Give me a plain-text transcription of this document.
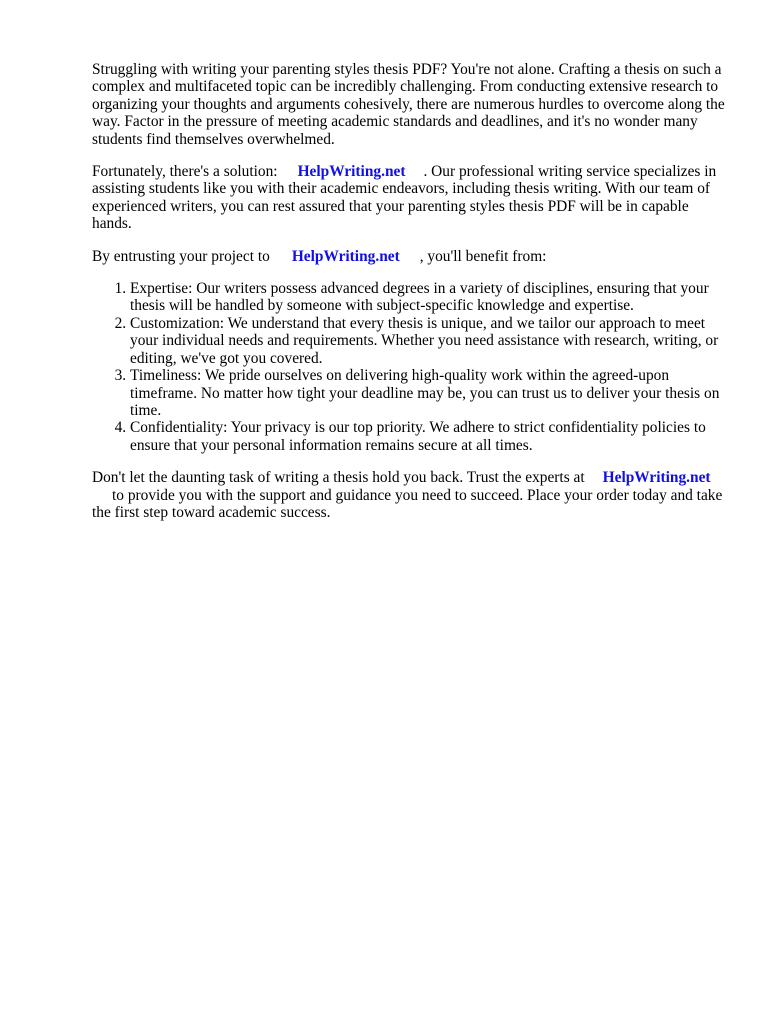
Struggling with writing your parenting styles thesis PDF? You're not alone. Crafting a thesis on such a complex and multifaceted topic can be incredibly challenging. From conducting extensive research to organizing your thoughts and arguments cohesively, there are numerous hurdles to overcome along the way. Factor in the pressure of meeting academic standards and deadlines, and it's no wonder many students find themselves overwhelmed.

Fortunately, there's a solution: HelpWriting.net . Our professional writing service specializes in assisting students like you with their academic endeavors, including thesis writing. With our team of experienced writers, you can rest assured that your parenting styles thesis PDF will be in capable hands.

By entrusting your project to HelpWriting.net , you'll benefit from:

1. Expertise: Our writers possess advanced degrees in a variety of disciplines, ensuring that your thesis will be handled by someone with subject-specific knowledge and expertise.
2. Customization: We understand that every thesis is unique, and we tailor our approach to meet your individual needs and requirements. Whether you need assistance with research, writing, or editing, we've got you covered.
3. Timeliness: We pride ourselves on delivering high-quality work within the agreed-upon timeframe. No matter how tight your deadline may be, you can trust us to deliver your thesis on time.
4. Confidentiality: Your privacy is our top priority. We adhere to strict confidentiality policies to ensure that your personal information remains secure at all times.

Don't let the daunting task of writing a thesis hold you back. Trust the experts at HelpWriting.net
to provide you with the support and guidance you need to succeed. Place your order today and take the first step toward academic success.
